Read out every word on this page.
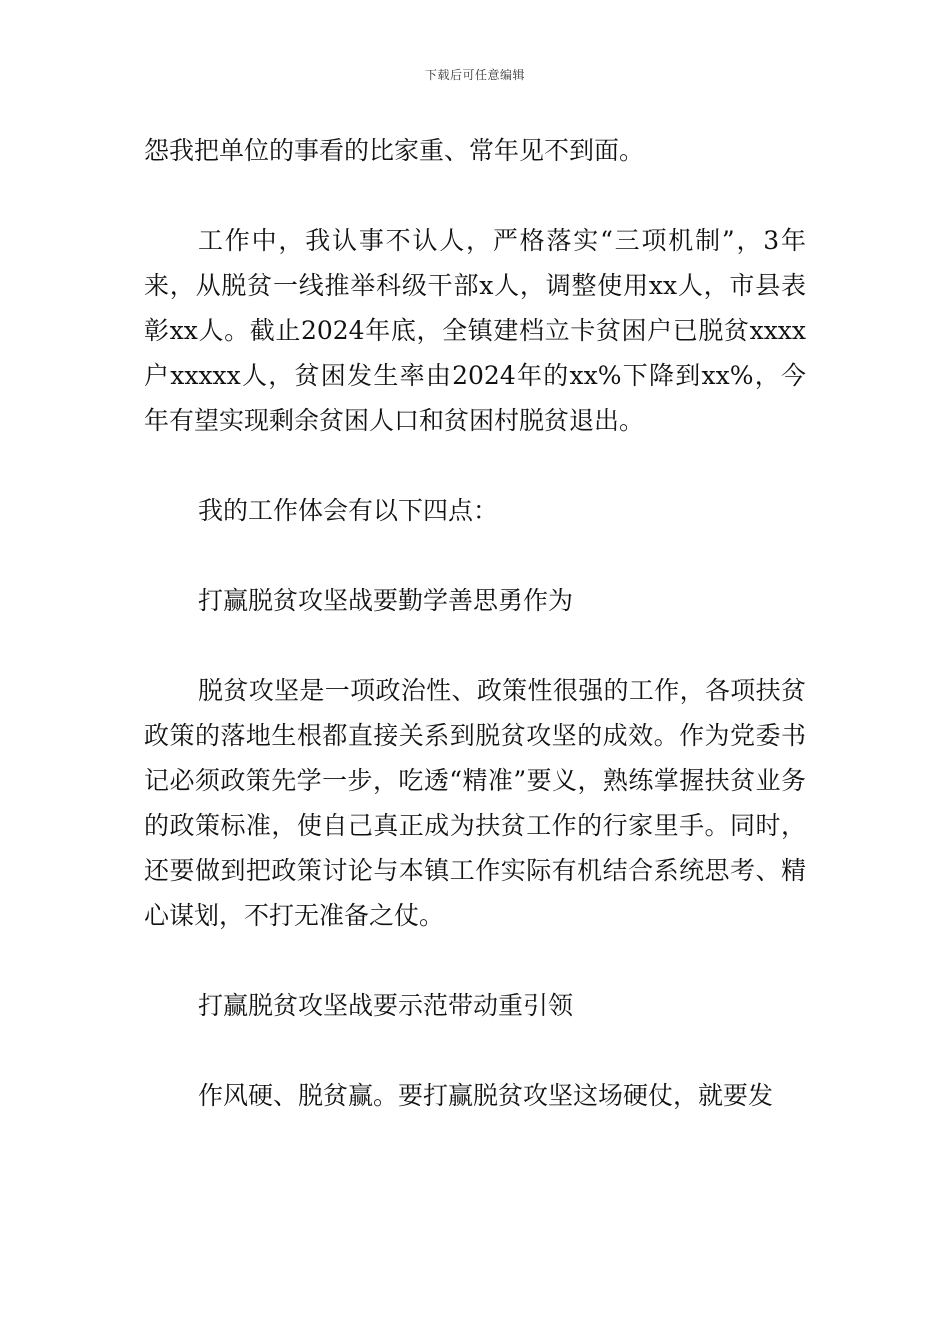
下载后可任意编辑

怨我把单位的事看的比家重、常年见不到面。

工作中，我认事不认人，严格落实“三项机制”，3年来，从脱贫一线推举科级干部x人，调整使用xx人，市县表彰xx人。截止2024年底，全镇建档立卡贫困户已脱贫xxxx户xxxxx人，贫困发生率由2024年的xx%下降到xx%，今年有望实现剩余贫困人口和贫困村脱贫退出。

我的工作体会有以下四点：

打赢脱贫攻坚战要勤学善思勇作为

脱贫攻坚是一项政治性、政策性很强的工作，各项扶贫政策的落地生根都直接关系到脱贫攻坚的成效。作为党委书记必须政策先学一步，吃透“精准”要义，熟练掌握扶贫业务的政策标准，使自己真正成为扶贫工作的行家里手。同时，还要做到把政策讨论与本镇工作实际有机结合系统思考、精心谋划，不打无准备之仗。

打赢脱贫攻坚战要示范带动重引领

作风硬、脱贫赢。要打赢脱贫攻坚这场硬仗，就要发
